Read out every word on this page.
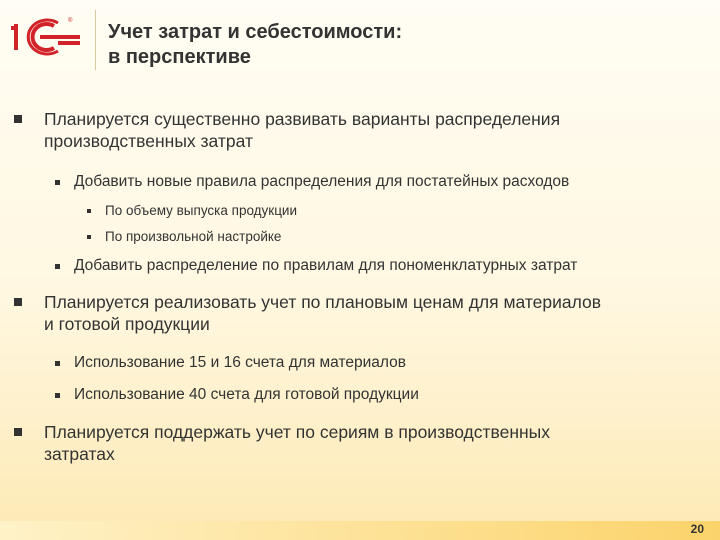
® Учет затрат и себестоимости:
в перспективе
Планируется существенно развивать варианты распределения
производственных затрат
Добавить новые правила распределения для постатейных расходов
По объему выпуска продукции
По произвольной настройке
Добавить распределение по правилам для пономенклатурных затрат
Планируется реализовать учет по плановым ценам для материалов
и готовой продукции
Использование 15 и 16 счета для материалов
Использование 40 счета для готовой продукции
Планируется поддержать учет по сериям в производственных
затратах
20
